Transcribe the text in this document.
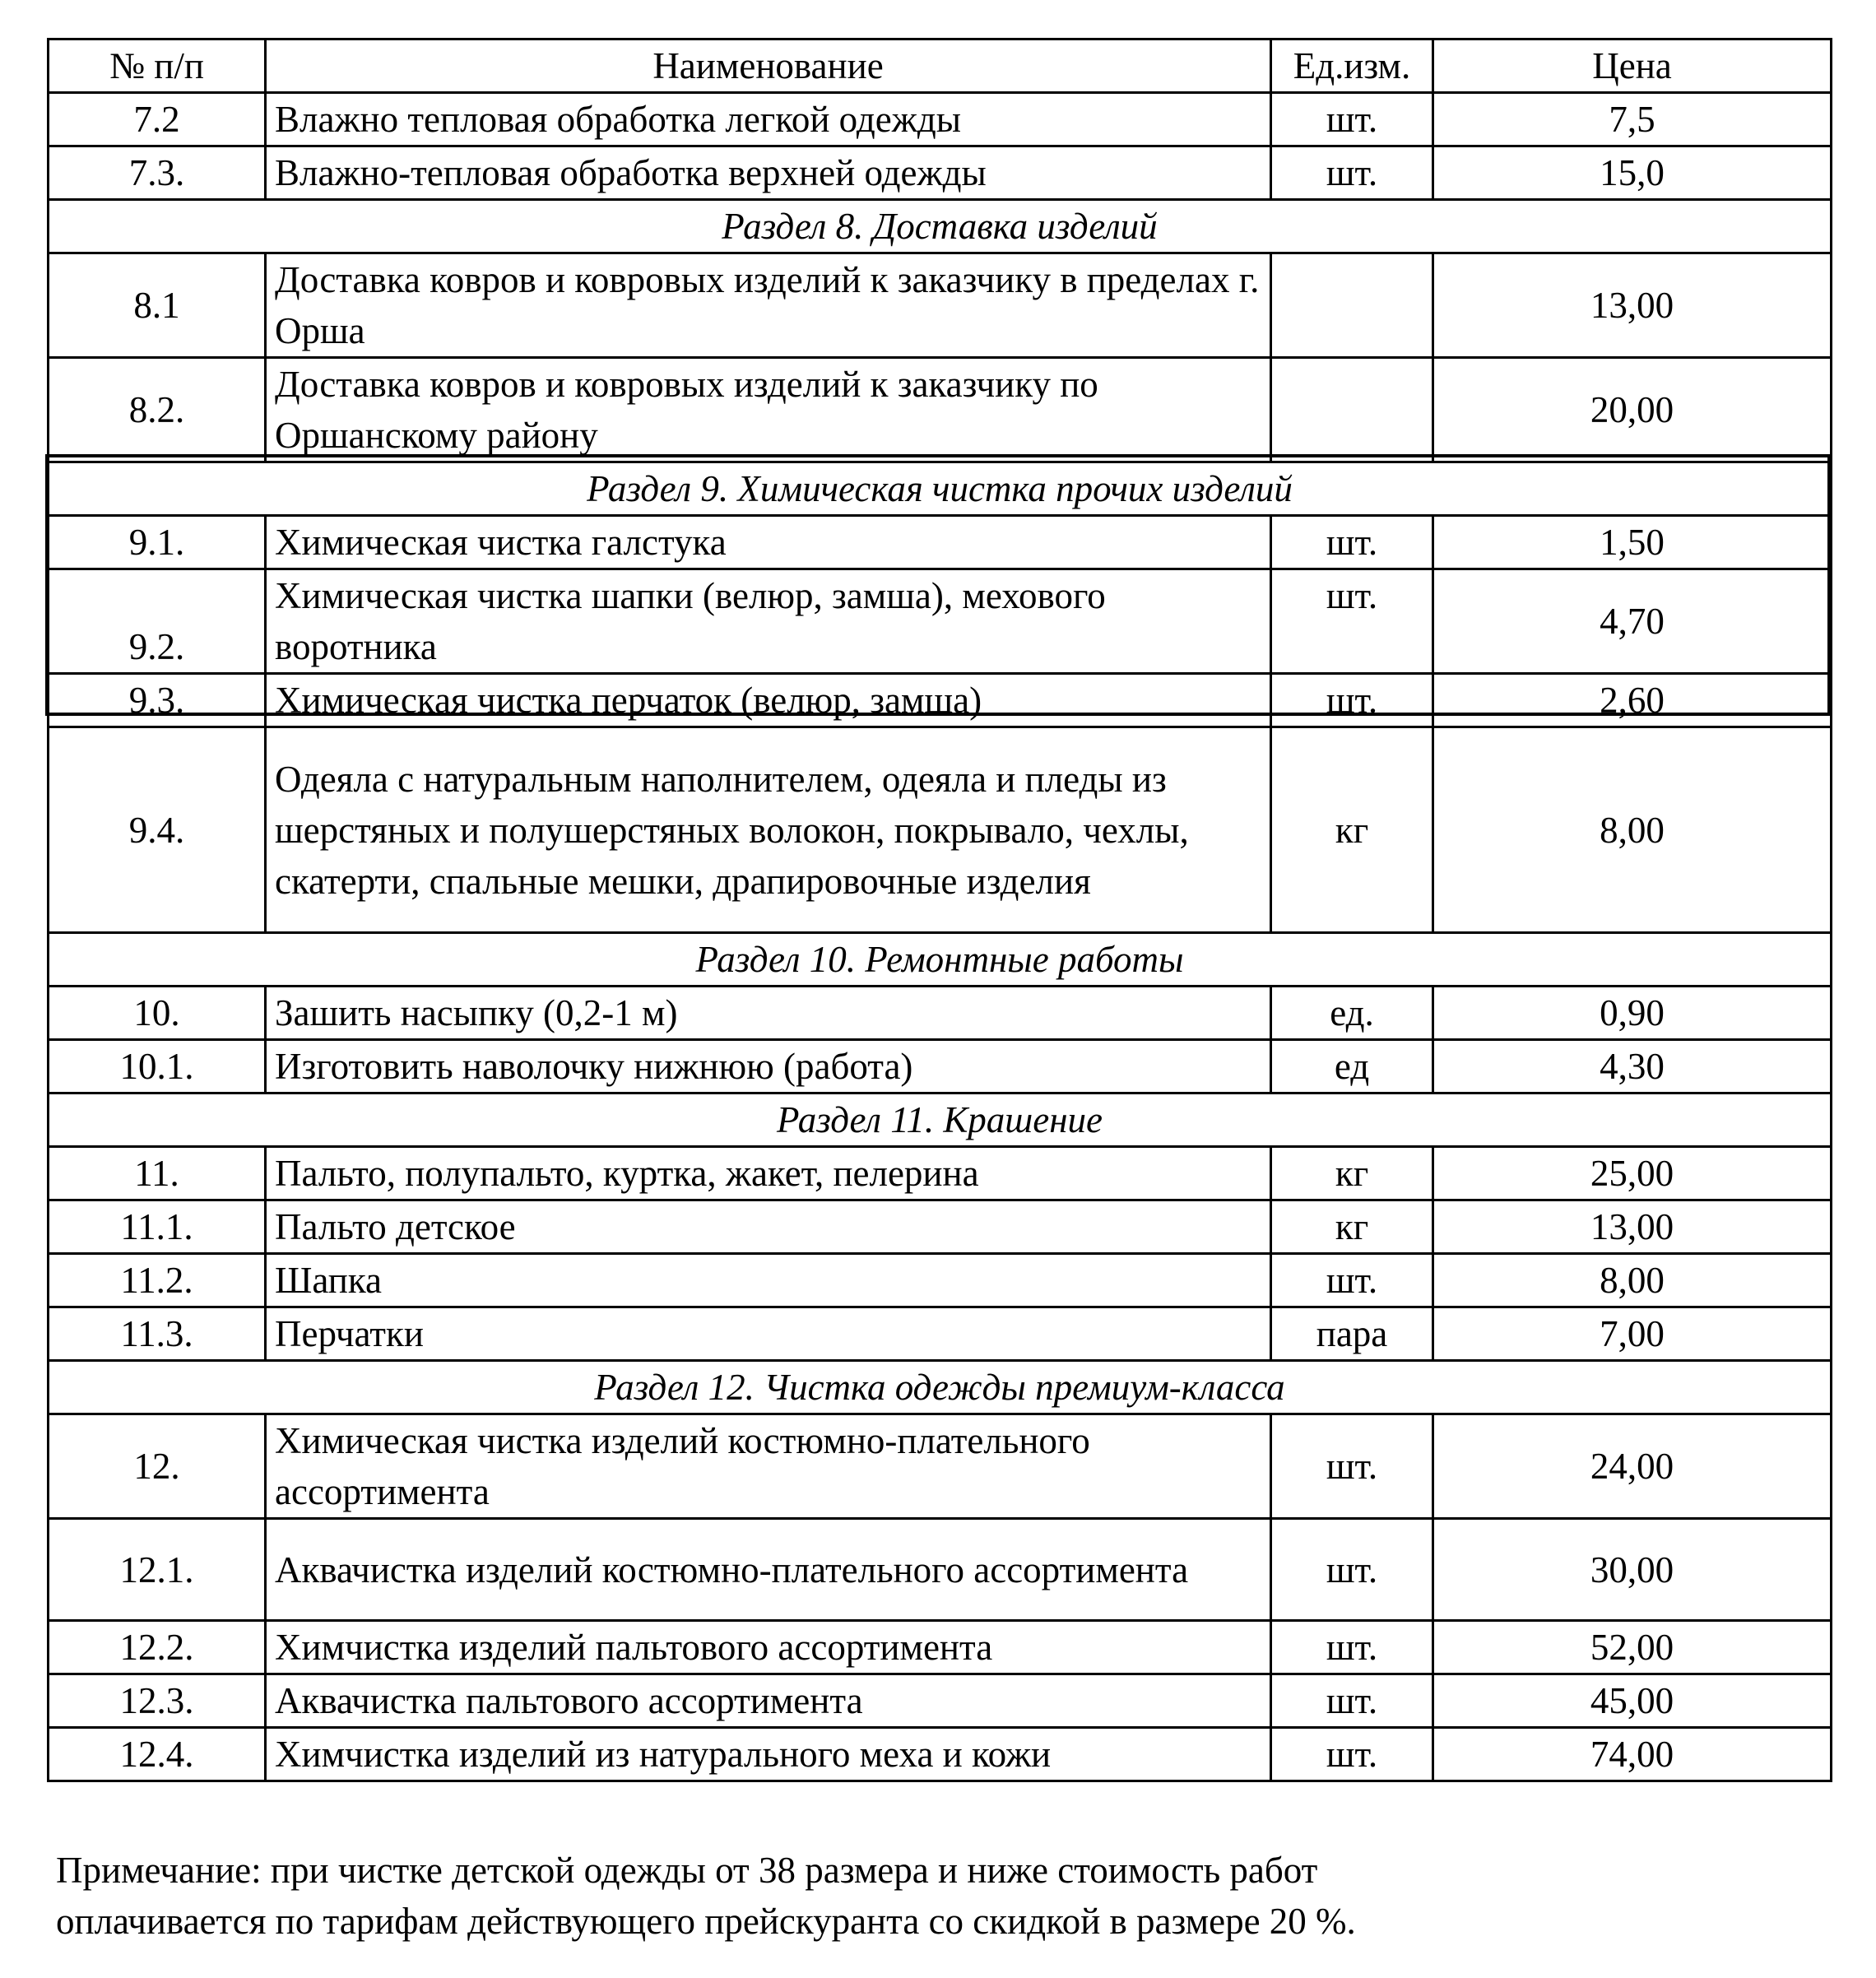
№ п/п	Наименование	Ед.изм.	Цена
7.2	Влажно тепловая обработка легкой одежды	шт.	7,5
7.3.	Влажно-тепловая обработка верхней одежды	шт.	15,0
Раздел 8. Доставка изделий			
8.1	Доставка ковров и ковровых изделий к заказчику в пределах г. Орша		13,00
8.2.	Доставка ковров и ковровых изделий к заказчику по Оршанскому району		20,00
Раздел 9. Химическая чистка прочих изделий			
9.1.	Химическая чистка галстука	шт.	1,50
9.2.	Химическая чистка шапки (велюр, замша), мехового воротника	шт.	4,70
9.3.	Химическая чистка перчаток (велюр, замша)	шт.	2,60
9.4.	Одеяла с натуральным наполнителем, одеяла и пледы из шерстяных и полушерстяных волокон, покрывало, чехлы, скатерти, спальные мешки, драпировочные изделия	кг	8,00
Раздел 10. Ремонтные работы			
10.	Зашить насыпку (0,2-1 м)	ед.	0,90
10.1.	Изготовить наволочку нижнюю (работа)	ед	4,30
Раздел 11. Крашение			
11.	Пальто, полупальто, куртка, жакет, пелерина	кг	25,00
11.1.	Пальто детское	кг	13,00
11.2.	Шапка	шт.	8,00
11.3.	Перчатки	пара	7,00
Раздел 12. Чистка одежды премиум-класса			
12.	Химическая чистка изделий костюмно-плательного ассортимента	шт.	24,00
12.1.	Аквачистка изделий костюмно-плательного ассортимента	шт.	30,00
12.2.	Химчистка изделий пальтового ассортимента	шт.	52,00
12.3.	Аквачистка пальтового ассортимента	шт.	45,00
12.4.	Химчистка изделий из натурального меха и кожи	шт.	74,00
Примечание: при чистке детской одежды от 38 размера и ниже стоимость работ
оплачивается по тарифам действующего прейскуранта со скидкой в размере 20 %.
